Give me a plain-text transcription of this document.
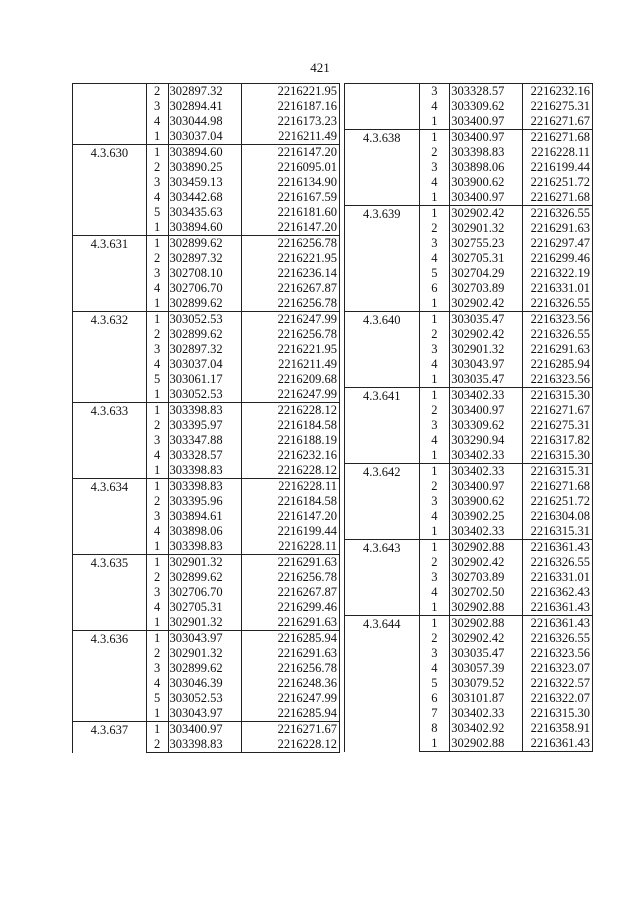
421
	2	302897.32	2216221.95
	3	302894.41	2216187.16
	4	303044.98	2216173.23
	1	303037.04	2216211.49
4.3.630	1	303894.60	2216147.20
	2	303890.25	2216095.01
	3	303459.13	2216134.90
	4	303442.68	2216167.59
	5	303435.63	2216181.60
	1	303894.60	2216147.20
4.3.631	1	302899.62	2216256.78
	2	302897.32	2216221.95
	3	302708.10	2216236.14
	4	302706.70	2216267.87
	1	302899.62	2216256.78
4.3.632	1	303052.53	2216247.99
	2	302899.62	2216256.78
	3	302897.32	2216221.95
	4	303037.04	2216211.49
	5	303061.17	2216209.68
	1	303052.53	2216247.99
4.3.633	1	303398.83	2216228.12
	2	303395.97	2216184.58
	3	303347.88	2216188.19
	4	303328.57	2216232.16
	1	303398.83	2216228.12
4.3.634	1	303398.83	2216228.11
	2	303395.96	2216184.58
	3	303894.61	2216147.20
	4	303898.06	2216199.44
	1	303398.83	2216228.11
4.3.635	1	302901.32	2216291.63
	2	302899.62	2216256.78
	3	302706.70	2216267.87
	4	302705.31	2216299.46
	1	302901.32	2216291.63
4.3.636	1	303043.97	2216285.94
	2	302901.32	2216291.63
	3	302899.62	2216256.78
	4	303046.39	2216248.36
	5	303052.53	2216247.99
	1	303043.97	2216285.94
4.3.637	1	303400.97	2216271.67
	2	303398.83	2216228.12
	3	303328.57	2216232.16
	4	303309.62	2216275.31
	1	303400.97	2216271.67
4.3.638	1	303400.97	2216271.68
	2	303398.83	2216228.11
	3	303898.06	2216199.44
	4	303900.62	2216251.72
	1	303400.97	2216271.68
4.3.639	1	302902.42	2216326.55
	2	302901.32	2216291.63
	3	302755.23	2216297.47
	4	302705.31	2216299.46
	5	302704.29	2216322.19
	6	302703.89	2216331.01
	1	302902.42	2216326.55
4.3.640	1	303035.47	2216323.56
	2	302902.42	2216326.55
	3	302901.32	2216291.63
	4	303043.97	2216285.94
	1	303035.47	2216323.56
4.3.641	1	303402.33	2216315.30
	2	303400.97	2216271.67
	3	303309.62	2216275.31
	4	303290.94	2216317.82
	1	303402.33	2216315.30
4.3.642	1	303402.33	2216315.31
	2	303400.97	2216271.68
	3	303900.62	2216251.72
	4	303902.25	2216304.08
	1	303402.33	2216315.31
4.3.643	1	302902.88	2216361.43
	2	302902.42	2216326.55
	3	302703.89	2216331.01
	4	302702.50	2216362.43
	1	302902.88	2216361.43
4.3.644	1	302902.88	2216361.43
	2	302902.42	2216326.55
	3	303035.47	2216323.56
	4	303057.39	2216323.07
	5	303079.52	2216322.57
	6	303101.87	2216322.07
	7	303402.33	2216315.30
	8	303402.92	2216358.91
	1	302902.88	2216361.43
